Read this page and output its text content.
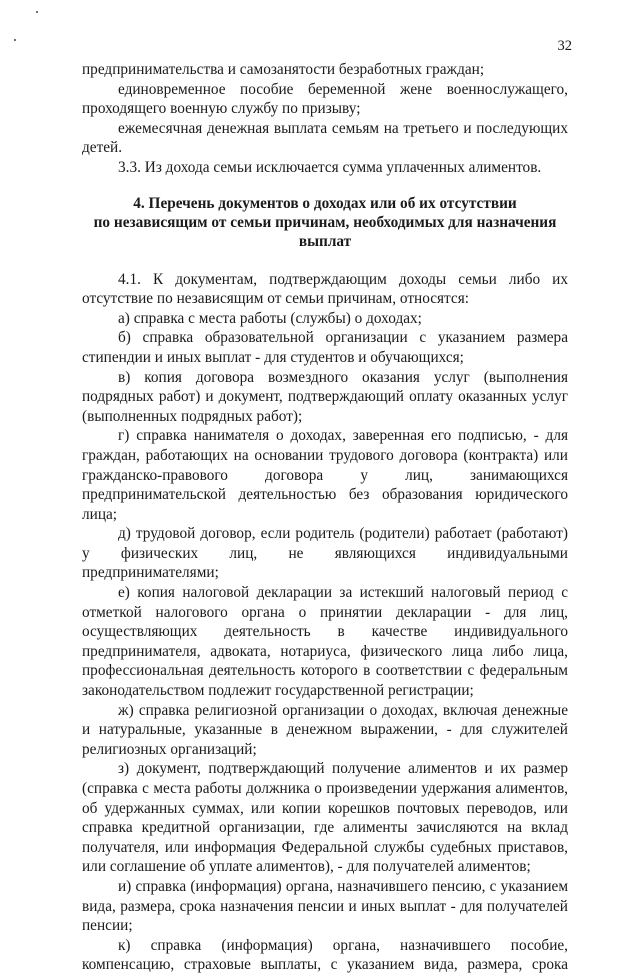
32

предпринимательства и самозанятости безработных граждан;

единовременное пособие беременной жене военнослужащего, проходящего военную службу по призыву;

ежемесячная денежная выплата семьям на третьего и последующих детей.

3.3. Из дохода семьи исключается сумма уплаченных алиментов.

4. Перечень документов о доходах или об их отсутствии
по независящим от семьи причинам, необходимых для назначения
выплат

4.1. К документам, подтверждающим доходы семьи либо их отсутствие по независящим от семьи причинам, относятся:

а) справка с места работы (службы) о доходах;

б) справка образовательной организации с указанием размера стипендии и иных выплат - для студентов и обучающихся;

в) копия договора возмездного оказания услуг (выполнения подрядных работ) и документ, подтверждающий оплату оказанных услуг (выполненных подрядных работ);

г) справка нанимателя о доходах, заверенная его подписью, - для граждан, работающих на основании трудового договора (контракта) или гражданско-правового договора у лиц, занимающихся предпринимательской деятельностью без образования юридического лица;

д) трудовой договор, если родитель (родители) работает (работают) у физических лиц, не являющихся индивидуальными предпринимателями;

е) копия налоговой декларации за истекший налоговый период с отметкой налогового органа о принятии декларации - для лиц, осуществляющих деятельность в качестве индивидуального предпринимателя, адвоката, нотариуса, физического лица либо лица, профессиональная деятельность которого в соответствии с федеральным законодательством подлежит государственной регистрации;

ж) справка религиозной организации о доходах, включая денежные и натуральные, указанные в денежном выражении, - для служителей религиозных организаций;

з) документ, подтверждающий получение алиментов и их размер (справка с места работы должника о произведении удержания алиментов, об удержанных суммах, или копии корешков почтовых переводов, или справка кредитной организации, где алименты зачисляются на вклад получателя, или информация Федеральной службы судебных приставов, или соглашение об уплате алиментов), - для получателей алиментов;

и) справка (информация) органа, назначившего пенсию, с указанием вида, размера, срока назначения пенсии и иных выплат - для получателей пенсии;

к) справка (информация) органа, назначившего пособие, компенсацию, страховые выплаты, с указанием вида, размера, срока
